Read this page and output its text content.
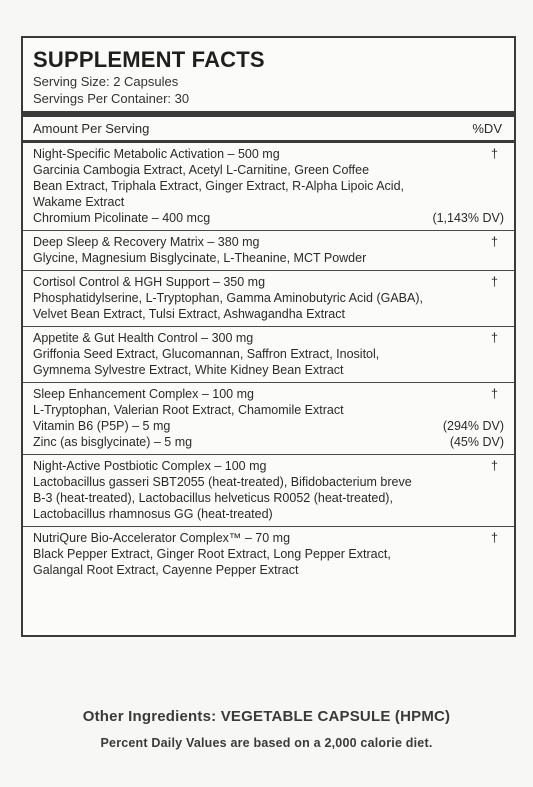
SUPPLEMENT FACTS
Serving Size: 2 Capsules
Servings Per Container: 30
Amount Per Serving	%DV
Night-Specific Metabolic Activation – 500 mg	†
Garcinia Cambogia Extract, Acetyl L-Carnitine, Green Coffee
Bean Extract, Triphala Extract, Ginger Extract, R-Alpha Lipoic Acid,
Wakame Extract
Chromium Picolinate – 400 mcg	(1,143% DV)
Deep Sleep & Recovery Matrix – 380 mg	†
Glycine, Magnesium Bisglycinate, L-Theanine, MCT Powder
Cortisol Control & HGH Support – 350 mg	†
Phosphatidylserine, L-Tryptophan, Gamma Aminobutyric Acid (GABA),
Velvet Bean Extract, Tulsi Extract, Ashwagandha Extract
Appetite & Gut Health Control – 300 mg	†
Griffonia Seed Extract, Glucomannan, Saffron Extract, Inositol,
Gymnema Sylvestre Extract, White Kidney Bean Extract
Sleep Enhancement Complex – 100 mg	†
L-Tryptophan, Valerian Root Extract, Chamomile Extract
Vitamin B6 (P5P) – 5 mg	(294% DV)
Zinc (as bisglycinate) – 5 mg	(45% DV)
Night-Active Postbiotic Complex – 100 mg	†
Lactobacillus gasseri SBT2055 (heat-treated), Bifidobacterium breve
B-3 (heat-treated), Lactobacillus helveticus R0052 (heat-treated),
Lactobacillus rhamnosus GG (heat-treated)
NutriQure Bio-Accelerator Complex™ – 70 mg	†
Black Pepper Extract, Ginger Root Extract, Long Pepper Extract,
Galangal Root Extract, Cayenne Pepper Extract
Other Ingredients: VEGETABLE CAPSULE (HPMC)
Percent Daily Values are based on a 2,000 calorie diet.
